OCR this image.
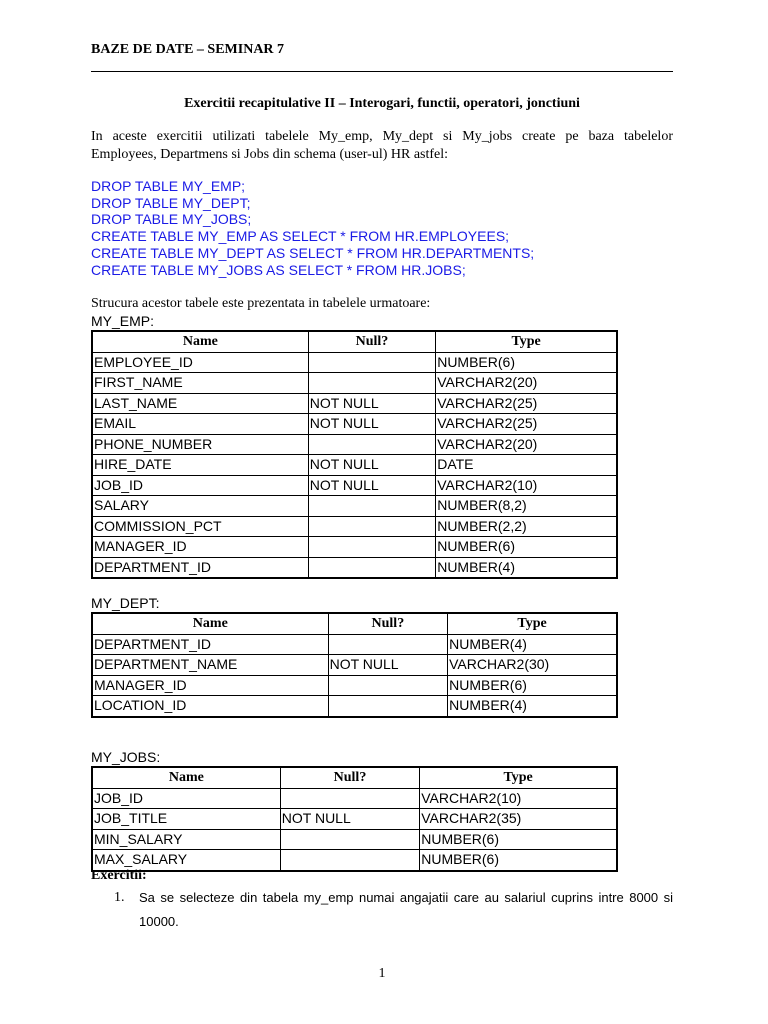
BAZE DE DATE – SEMINAR 7
Exercitii recapitulative II – Interogari, functii, operatori, jonctiuni
In aceste exercitii utilizati tabelele My_emp, My_dept si My_jobs create pe baza tabelelor
Employees, Departmens si Jobs din schema (user-ul) HR astfel:
DROP TABLE MY_EMP;
DROP TABLE MY_DEPT;
DROP TABLE MY_JOBS;
CREATE TABLE MY_EMP AS SELECT * FROM HR.EMPLOYEES;
CREATE TABLE MY_DEPT AS SELECT * FROM HR.DEPARTMENTS;
CREATE TABLE MY_JOBS AS SELECT * FROM HR.JOBS;
Strucura acestor tabele este prezentata in tabelele urmatoare:
MY_EMP:
Name	Null?	Type
EMPLOYEE_ID		NUMBER(6)
FIRST_NAME		VARCHAR2(20)
LAST_NAME	NOT NULL	VARCHAR2(25)
EMAIL	NOT NULL	VARCHAR2(25)
PHONE_NUMBER		VARCHAR2(20)
HIRE_DATE	NOT NULL	DATE
JOB_ID	NOT NULL	VARCHAR2(10)
SALARY		NUMBER(8,2)
COMMISSION_PCT		NUMBER(2,2)
MANAGER_ID		NUMBER(6)
DEPARTMENT_ID		NUMBER(4)
MY_DEPT:
Name	Null?	Type
DEPARTMENT_ID		NUMBER(4)
DEPARTMENT_NAME	NOT NULL	VARCHAR2(30)
MANAGER_ID		NUMBER(6)
LOCATION_ID		NUMBER(4)
MY_JOBS:
Name	Null?	Type
JOB_ID		VARCHAR2(10)
JOB_TITLE	NOT NULL	VARCHAR2(35)
MIN_SALARY		NUMBER(6)
MAX_SALARY		NUMBER(6)
Exercitii:
1. Sa se selecteze din tabela my_emp numai angajatii care au salariul cuprins intre 8000 si 10000.
1
